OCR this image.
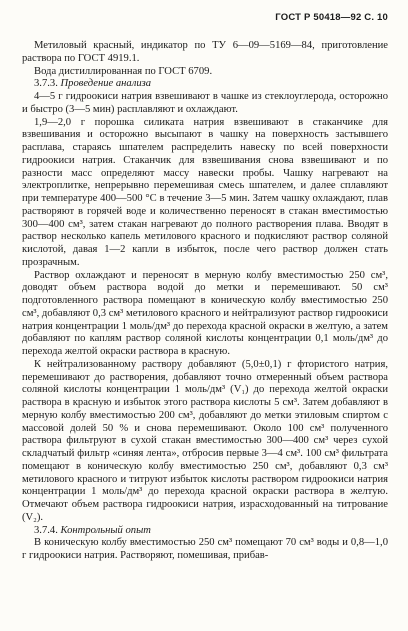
ГОСТ Р 50418—92 С. 10

Метиловый красный, индикатор по ТУ 6—09—5169—84, приготовление раствора по ГОСТ 4919.1.

Вода дистиллированная по ГОСТ 6709.

3.7.3. Проведение анализа

4—5 г гидроокиси натрия взвешивают в чашке из стеклоуглерода, осторожно и быстро (3—5 мин) расплавляют и охлаждают.

1,9—2,0 г порошка силиката натрия взвешивают в стаканчике для взвешивания и осторожно высыпают в чашку на поверхность застывшего расплава, стараясь шпателем распределить навеску по всей поверхности гидроокиси натрия. Стаканчик для взвешивания снова взвешивают и по разности масс определяют массу навески пробы. Чашку нагревают на электроплитке, непрерывно перемешивая смесь шпателем, и далее сплавляют при температуре 400—500 °С в течение 3—5 мин. Затем чашку охлаждают, плав растворяют в горячей воде и количественно переносят в стакан вместимостью 300—400 см³, затем стакан нагревают до полного растворения плава. Вводят в раствор несколько капель метилового красного и подкисляют раствор соляной кислотой, давая 1—2 капли в избыток, после чего раствор должен стать прозрачным.

Раствор охлаждают и переносят в мерную колбу вместимостью 250 см³, доводят объем раствора водой до метки и перемешивают. 50 см³ подготовленного раствора помещают в коническую колбу вместимостью 250 см³, добавляют 0,3 см³ метилового красного и нейтрализуют раствор гидроокиси натрия концентрации 1 моль/дм³ до перехода красной окраски в желтую, а затем добавляют по каплям раствор соляной кислоты концентрации 0,1 моль/дм³ до перехода желтой окраски раствора в красную.

К нейтрализованному раствору добавляют (5,0±0,1) г фтористого натрия, перемешивают до растворения, добавляют точно отмеренный объем раствора соляной кислоты концентрации 1 моль/дм³ (V₁) до перехода желтой окраски раствора в красную и избыток этого раствора кислоты 5 см³. Затем добавляют в мерную колбу вместимостью 200 см³, добавляют до метки этиловым спиртом с массовой долей 50 % и снова перемешивают. Около 100 см³ полученного раствора фильтруют в сухой стакан вместимостью 300—400 см³ через сухой складчатый фильтр «синяя лента», отбросив первые 3—4 см³. 100 см³ фильтрата помещают в коническую колбу вместимостью 250 см³, добавляют 0,3 см³ метилового красного и титруют избыток кислоты раствором гидроокиси натрия концентрации 1 моль/дм³ до перехода красной окраски раствора в желтую. Отмечают объем раствора гидроокиси натрия, израсходованный на титрование (V₂).

3.7.4. Контрольный опыт

В коническую колбу вместимостью 250 см³ помещают 70 см³ воды и 0,8—1,0 г гидроокиси натрия. Растворяют, помешивая, прибав-
